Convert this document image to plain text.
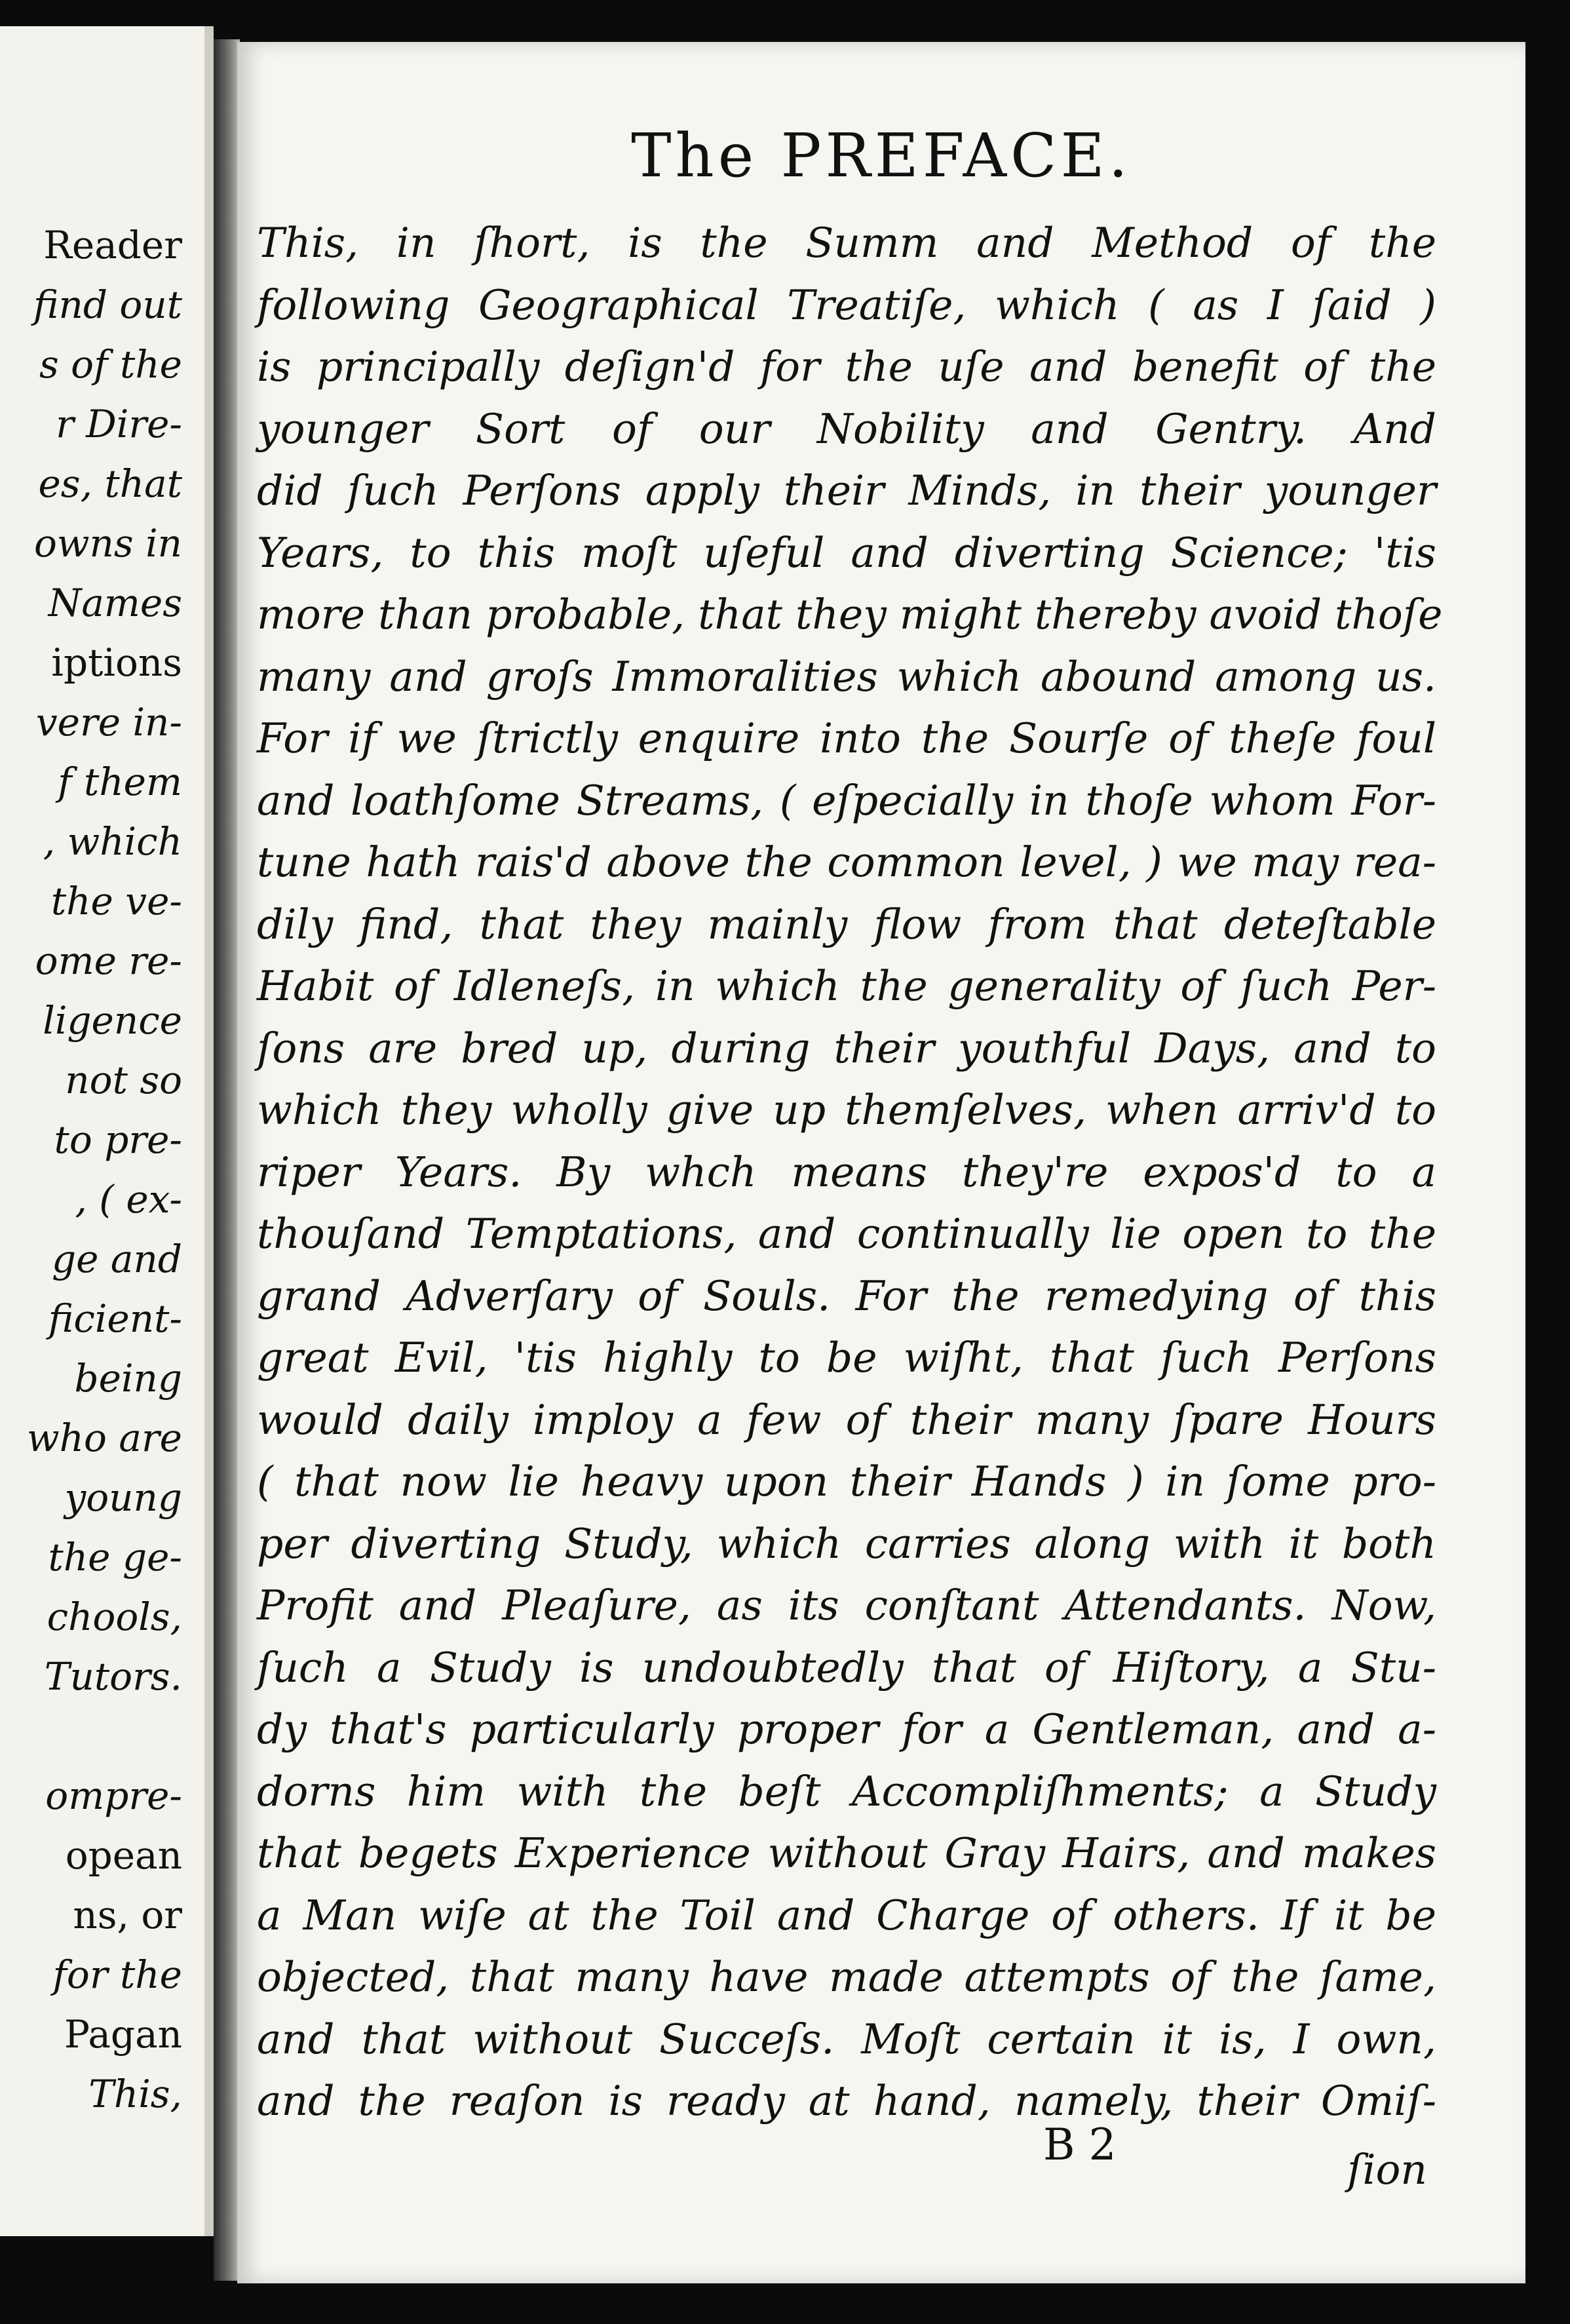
Reader
find out
s of the
r Dire-
es, that
owns in
Names
iptions
vere in-
f them
, which
the ve-
ome re-
ligence
not so
to pre-
, ( ex-
ge and
ficient-
being
who are
young
the ge-
chools,
Tutors.
ompre-
opean
ns, or
for the
Pagan
This,
The PREFACE.
This, in ſhort, is the Summ and Method of the
following Geographical Treatiſe, which ( as I ſaid )
is principally deſign'd for the uſe and benefit of the
younger Sort of our Nobility and Gentry. And
did ſuch Perſons apply their Minds, in their younger
Years, to this moſt uſeful and diverting Science; 'tis
more than probable, that they might thereby avoid thoſe
many and groſs Immoralities which abound among us.
For if we ſtrictly enquire into the Sourſe of theſe foul
and loathſome Streams, ( eſpecially in thoſe whom For-
tune hath rais'd above the common level, ) we may rea-
dily find, that they mainly flow from that deteſtable
Habit of Idleneſs, in which the generality of ſuch Per-
ſons are bred up, during their youthful Days, and to
which they wholly give up themſelves, when arriv'd to
riper Years. By whch means they're expos'd to a
thouſand Temptations, and continually lie open to the
grand Adverſary of Souls. For the remedying of this
great Evil, 'tis highly to be wiſht, that ſuch Perſons
would daily imploy a few of their many ſpare Hours
( that now lie heavy upon their Hands ) in ſome pro-
per diverting Study, which carries along with it both
Profit and Pleaſure, as its conſtant Attendants. Now,
ſuch a Study is undoubtedly that of Hiſtory, a Stu-
dy that's particularly proper for a Gentleman, and a-
dorns him with the beſt Accompliſhments; a Study
that begets Experience without Gray Hairs, and makes
a Man wiſe at the Toil and Charge of others. If it be
objected, that many have made attempts of the ſame,
and that without Succeſs. Moſt certain it is, I own,
and the reaſon is ready at hand, namely, their Omiſ-
B 2	ſion
